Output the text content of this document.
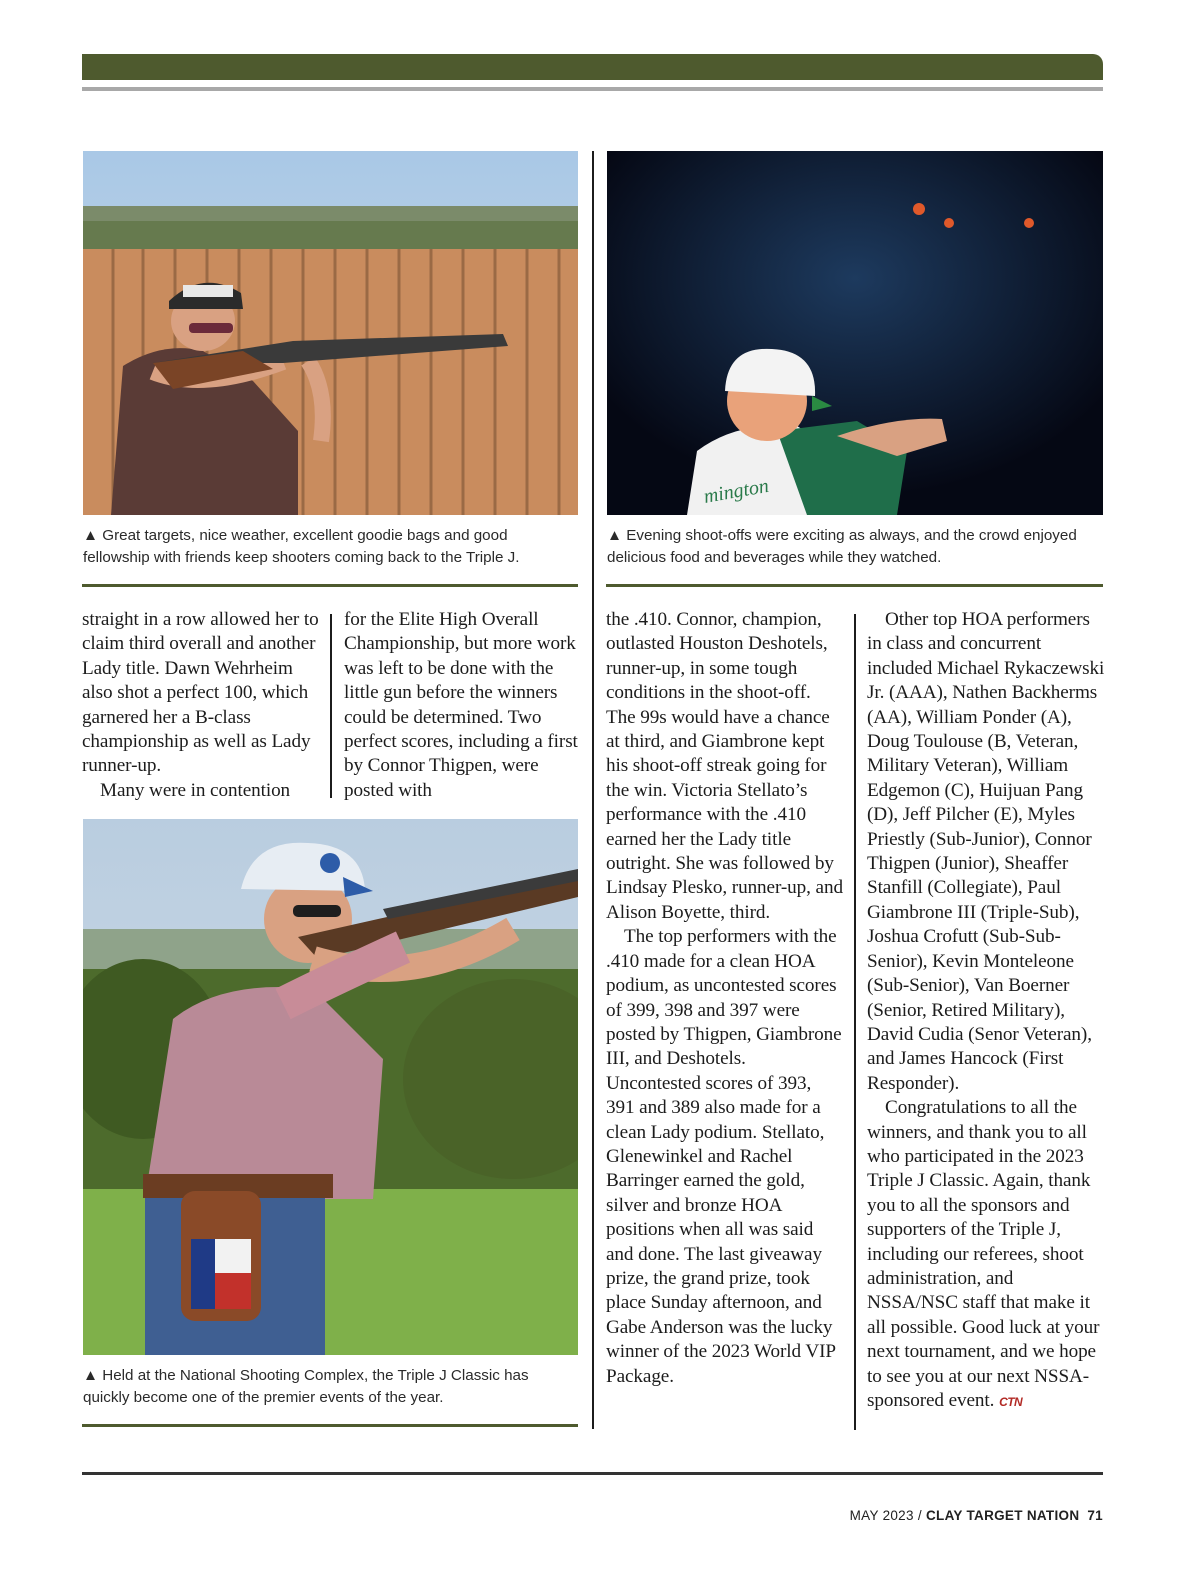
▲ Great targets, nice weather, excellent goodie bags and good fellowship with friends keep shooters coming back to the Triple J.
mington
▲ Evening shoot-offs were exciting as always, and the crowd enjoyed delicious food and beverages while they watched.

straight in a row allowed her to claim third overall and another Lady title. Dawn Wehrheim also shot a perfect 100, which garnered her a B-class championship as well as Lady runner-up.

Many were in contention

for the Elite High Overall Championship, but more work was left to be done with the little gun before the winners could be determined. Two perfect scores, including a first by Connor Thigpen, were posted with

▲ Held at the National Shooting Complex, the Triple J Classic has quickly become one of the premier events of the year.

the .410. Connor, champion, outlasted Houston Deshotels, runner-up, in some tough conditions in the shoot-off. The 99s would have a chance at third, and Giambrone kept his shoot-off streak going for the win. Victoria Stellato’s performance with the .410 earned her the Lady title outright. She was followed by Lindsay Plesko, runner-up, and Alison Boyette, third.

The top performers with the .410 made for a clean HOA podium, as uncontested scores of 399, 398 and 397 were posted by Thigpen, Giambrone III, and Deshotels. Uncontested scores of 393, 391 and 389 also made for a clean Lady podium. Stellato, Glenewinkel and Rachel Barringer earned the gold, silver and bronze HOA positions when all was said and done. The last giveaway prize, the grand prize, took place Sunday afternoon, and Gabe Anderson was the lucky winner of the 2023 World VIP Package.

Other top HOA performers in class and concurrent included Michael Rykaczewski Jr. (AAA), Nathen Backherms (AA), William Ponder (A), Doug Toulouse (B, Veteran, Military Veteran), William Edgemon (C), Huijuan Pang (D), Jeff Pilcher (E), Myles Priestly (Sub-Junior), Connor Thigpen (Junior), Sheaffer Stanfill (Collegiate), Paul Giambrone III (Triple-Sub), Joshua Crofutt (Sub-Sub-Senior), Kevin Monteleone (Sub-Senior), Van Boerner (Senior, Retired Military), David Cudia (Senor Veteran), and James Hancock (First Responder).

Congratulations to all the winners, and thank you to all who participated in the 2023 Triple J Classic. Again, thank you to all the sponsors and supporters of the Triple J, including our referees, shoot administration, and NSSA/NSC staff that make it all possible. Good luck at your next tournament, and we hope to see you at our next NSSA-sponsored event. CTN

MAY 2023 / CLAY TARGET NATION 71
